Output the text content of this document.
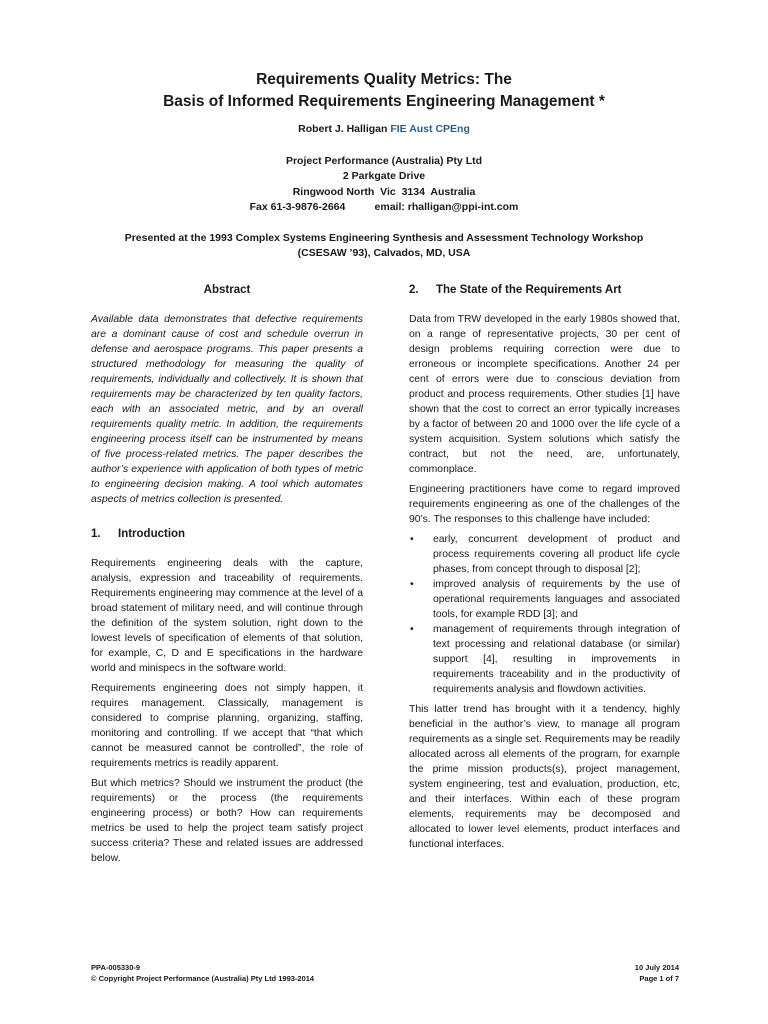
Requirements Quality Metrics: The
Basis of Informed Requirements Engineering Management *
Robert J. Halligan FIE Aust CPEng
Project Performance (Australia) Pty Ltd
2 Parkgate Drive
Ringwood North  Vic  3134  Australia
Fax 61-3-9876-2664          email: rhalligan@ppi-int.com
Presented at the 1993 Complex Systems Engineering Synthesis and Assessment Technology Workshop
(CSESAW ’93), Calvados, MD, USA
Abstract

Available data demonstrates that defective requirements are a dominant cause of cost and schedule overrun in defense and aerospace programs. This paper presents a structured methodology for measuring the quality of requirements, individually and collectively. It is shown that requirements may be characterized by ten quality factors, each with an associated metric, and by an overall requirements quality metric. In addition, the requirements engineering process itself can be instrumented by means of five process-related metrics. The paper describes the author’s experience with application of both types of metric to engineering decision making. A tool which automates aspects of metrics collection is presented.

1. Introduction

Requirements engineering deals with the capture, analysis, expression and traceability of requirements. Requirements engineering may commence at the level of a broad statement of military need, and will continue through the definition of the system solution, right down to the lowest levels of specification of elements of that solution, for example, C, D and E specifications in the hardware world and minispecs in the software world.

Requirements engineering does not simply happen, it requires management. Classically, management is considered to comprise planning, organizing, staffing, monitoring and controlling. If we accept that “that which cannot be measured cannot be controlled”, the role of requirements metrics is readily apparent.

But which metrics? Should we instrument the product (the requirements) or the process (the requirements engineering process) or both? How can requirements metrics be used to help the project team satisfy project success criteria? These and related issues are addressed below.

2. The State of the Requirements Art

Data from TRW developed in the early 1980s showed that, on a range of representative projects, 30 per cent of design problems requiring correction were due to erroneous or incomplete specifications. Another 24 per cent of errors were due to conscious deviation from product and process requirements. Other studies [1] have shown that the cost to correct an error typically increases by a factor of between 20 and 1000 over the life cycle of a system acquisition. System solutions which satisfy the contract, but not the need, are, unfortunately, commonplace.

Engineering practitioners have come to regard improved requirements engineering as one of the challenges of the 90’s. The responses to this challenge have included:

• early, concurrent development of product and process requirements covering all product life cycle phases, from concept through to disposal [2];
• improved analysis of requirements by the use of operational requirements languages and associated tools, for example RDD [3]; and
• management of requirements through integration of text processing and relational database (or similar) support [4], resulting in improvements in requirements traceability and in the productivity of requirements analysis and flowdown activities.

This latter trend has brought with it a tendency, highly beneficial in the author’s view, to manage all program requirements as a single set. Requirements may be readily allocated across all elements of the program, for example the prime mission products(s), project management, system engineering, test and evaluation, production, etc, and their interfaces. Within each of these program elements, requirements may be decomposed and allocated to lower level elements, product interfaces and functional interfaces.

PPA-005330-9
© Copyright Project Performance (Australia) Pty Ltd 1993-2014
10 July 2014
Page 1 of 7
